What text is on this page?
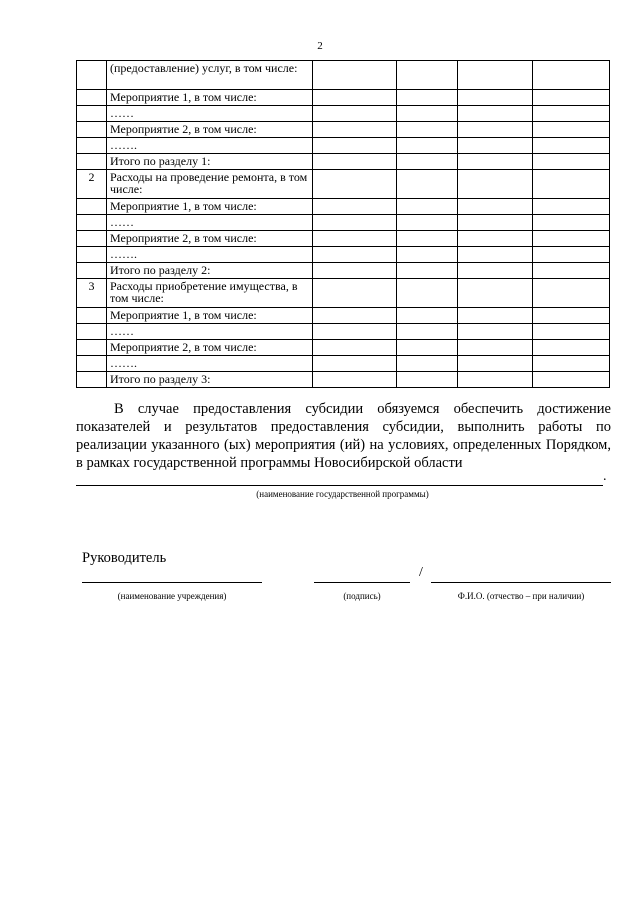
2
	(предоставление) услуг, в том числе:				
	Мероприятие 1, в том числе:				
	……				
	Мероприятие 2, в том числе:				
	…….				
	Итого по разделу 1:				
2	Расходы на проведение ремонта, в том числе:				
	Мероприятие 1, в том числе:				
	……				
	Мероприятие 2, в том числе:				
	…….				
	Итого по разделу 2:				
3	Расходы приобретение имущества, в том числе:				
	Мероприятие 1, в том числе:				
	……				
	Мероприятие 2, в том числе:				
	…….				
	Итого по разделу 3:				
В случае предоставления субсидии обязуемся обеспечить достижение показателей и результатов предоставления субсидии, выполнить работы по реализации указанного (ых) мероприятия (ий) на условиях, определенных Порядком, в рамках государственной программы Новосибирской области
.
(наименование государственной программы)
Руководитель
/
(наименование учреждения)	(подпись)	Ф.И.О. (отчество – при наличии)
